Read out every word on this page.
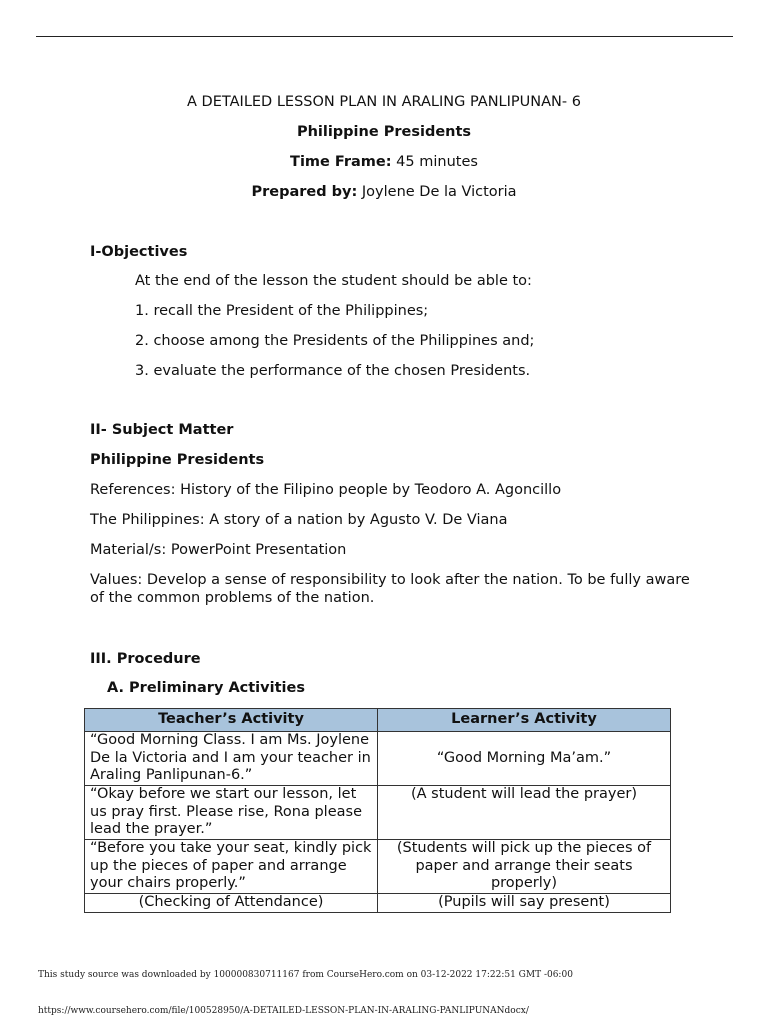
A DETAILED LESSON PLAN IN ARALING PANLIPUNAN- 6
Philippine Presidents
Time Frame: 45 minutes
Prepared by: Joylene De la Victoria
I-Objectives
At the end of the lesson the student should be able to:
1. recall the President of the Philippines;
2. choose among the Presidents of the Philippines and;
3. evaluate the performance of the chosen Presidents.
II- Subject Matter
Philippine Presidents
References: History of the Filipino people by Teodoro A. Agoncillo
The Philippines: A story of a nation by Agusto V. De Viana
Material/s: PowerPoint Presentation
Values: Develop a sense of responsibility to look after the nation. To be fully aware of the common problems of the nation.
III. Procedure
A. Preliminary Activities
Teacher’s Activity	Learner’s Activity
“Good Morning Class. I am Ms. Joylene De la Victoria and I am your teacher in Araling Panlipunan-6.”	“Good Morning Ma’am.”
“Okay before we start our lesson, let us pray first. Please rise, Rona please lead the prayer.”	(A student will lead the prayer)
“Before you take your seat, kindly pick up the pieces of paper and arrange your chairs properly.”	(Students will pick up the pieces of paper and arrange their seats properly)
(Checking of Attendance)	(Pupils will say present)
This study source was downloaded by 100000830711167 from CourseHero.com on 03-12-2022 17:22:51 GMT -06:00
https://www.coursehero.com/file/100528950/A-DETAILED-LESSON-PLAN-IN-ARALING-PANLIPUNANdocx/
